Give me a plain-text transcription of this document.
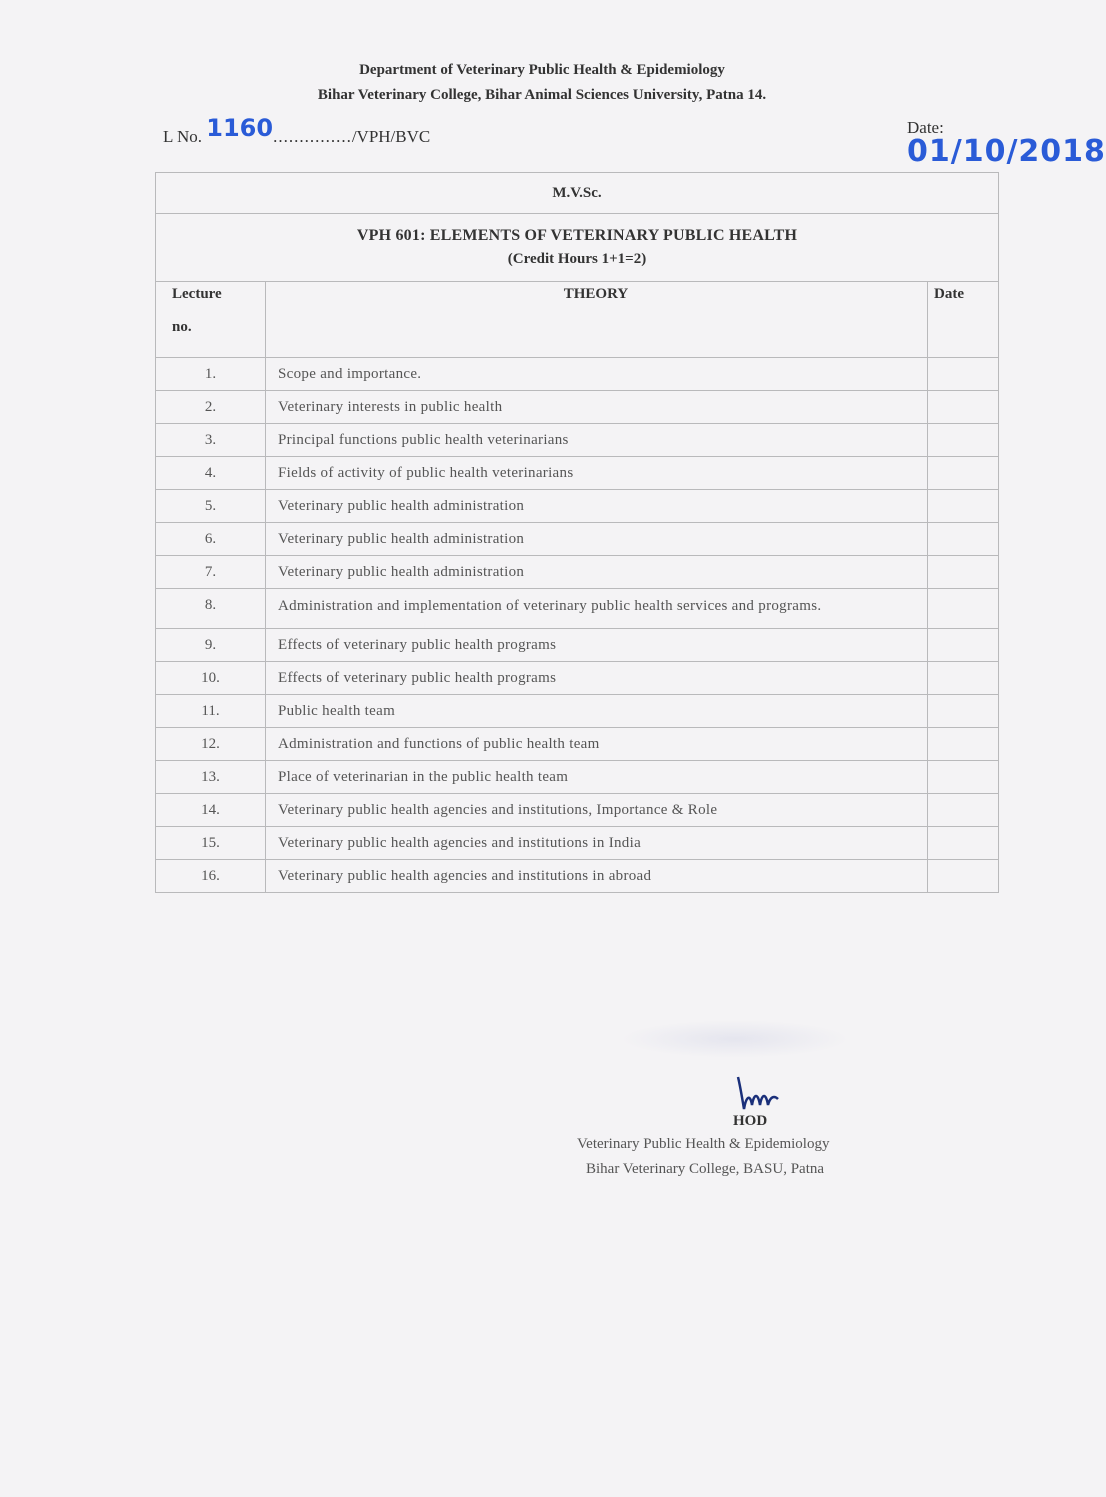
Department of Veterinary Public Health & Epidemiology
Bihar Veterinary College, Bihar Animal Sciences University, Patna 14.
L No. 1160.............../VPH/BVC	Date: 01/10/2018
M.V.Sc.		

VPH 601: ELEMENTS OF VETERINARY PUBLIC HEALTH
(Credit Hours 1+1=2)		

Lecture
no.	THEORY	Date
1.	Scope and importance.	
2.	Veterinary interests in public health	
3.	Principal functions public health veterinarians	
4.	Fields of activity of public health veterinarians	
5.	Veterinary public health administration	
6.	Veterinary public health administration	
7.	Veterinary public health administration	
8.	Administration and implementation of veterinary public health services and programs.	
9.	Effects of veterinary public health programs	
10.	Effects of veterinary public health programs	
11.	Public health team	
12.	Administration and functions of public health team	
13.	Place of veterinarian in the public health team	
14.	Veterinary public health agencies and institutions, Importance & Role	
15.	Veterinary public health agencies and institutions in India	
16.	Veterinary public health agencies and institutions in abroad	
HOD
Veterinary Public Health & Epidemiology
Bihar Veterinary College, BASU, Patna
